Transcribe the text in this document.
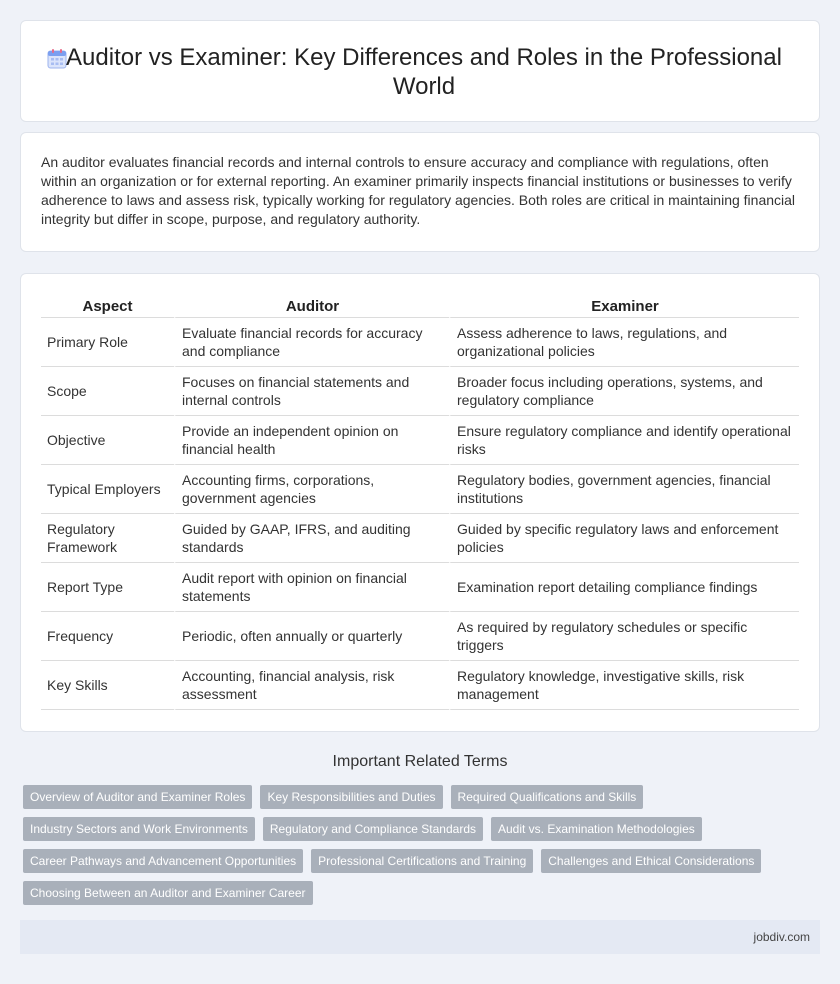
Auditor vs Examiner: Key Differences and Roles in the Professional World

An auditor evaluates financial records and internal controls to ensure accuracy and compliance with regulations, often within an organization or for external reporting. An examiner primarily inspects financial institutions or businesses to verify adherence to laws and assess risk, typically working for regulatory agencies. Both roles are critical in maintaining financial integrity but differ in scope, purpose, and regulatory authority.

Aspect	Auditor	Examiner
Primary Role	Evaluate financial records for accuracy and compliance	Assess adherence to laws, regulations, and organizational policies
Scope	Focuses on financial statements and internal controls	Broader focus including operations, systems, and regulatory compliance
Objective	Provide an independent opinion on financial health	Ensure regulatory compliance and identify operational risks
Typical Employers	Accounting firms, corporations, government agencies	Regulatory bodies, government agencies, financial institutions
Regulatory Framework	Guided by GAAP, IFRS, and auditing standards	Guided by specific regulatory laws and enforcement policies
Report Type	Audit report with opinion on financial statements	Examination report detailing compliance findings
Frequency	Periodic, often annually or quarterly	As required by regulatory schedules or specific triggers
Key Skills	Accounting, financial analysis, risk assessment	Regulatory knowledge, investigative skills, risk management
Important Related Terms
Overview of Auditor and Examiner Roles	Key Responsibilities and Duties	Required Qualifications and Skills
Industry Sectors and Work Environments	Regulatory and Compliance Standards	Audit vs. Examination Methodologies
Career Pathways and Advancement Opportunities	Professional Certifications and Training	Challenges and Ethical Considerations
Choosing Between an Auditor and Examiner Career
jobdiv.com
